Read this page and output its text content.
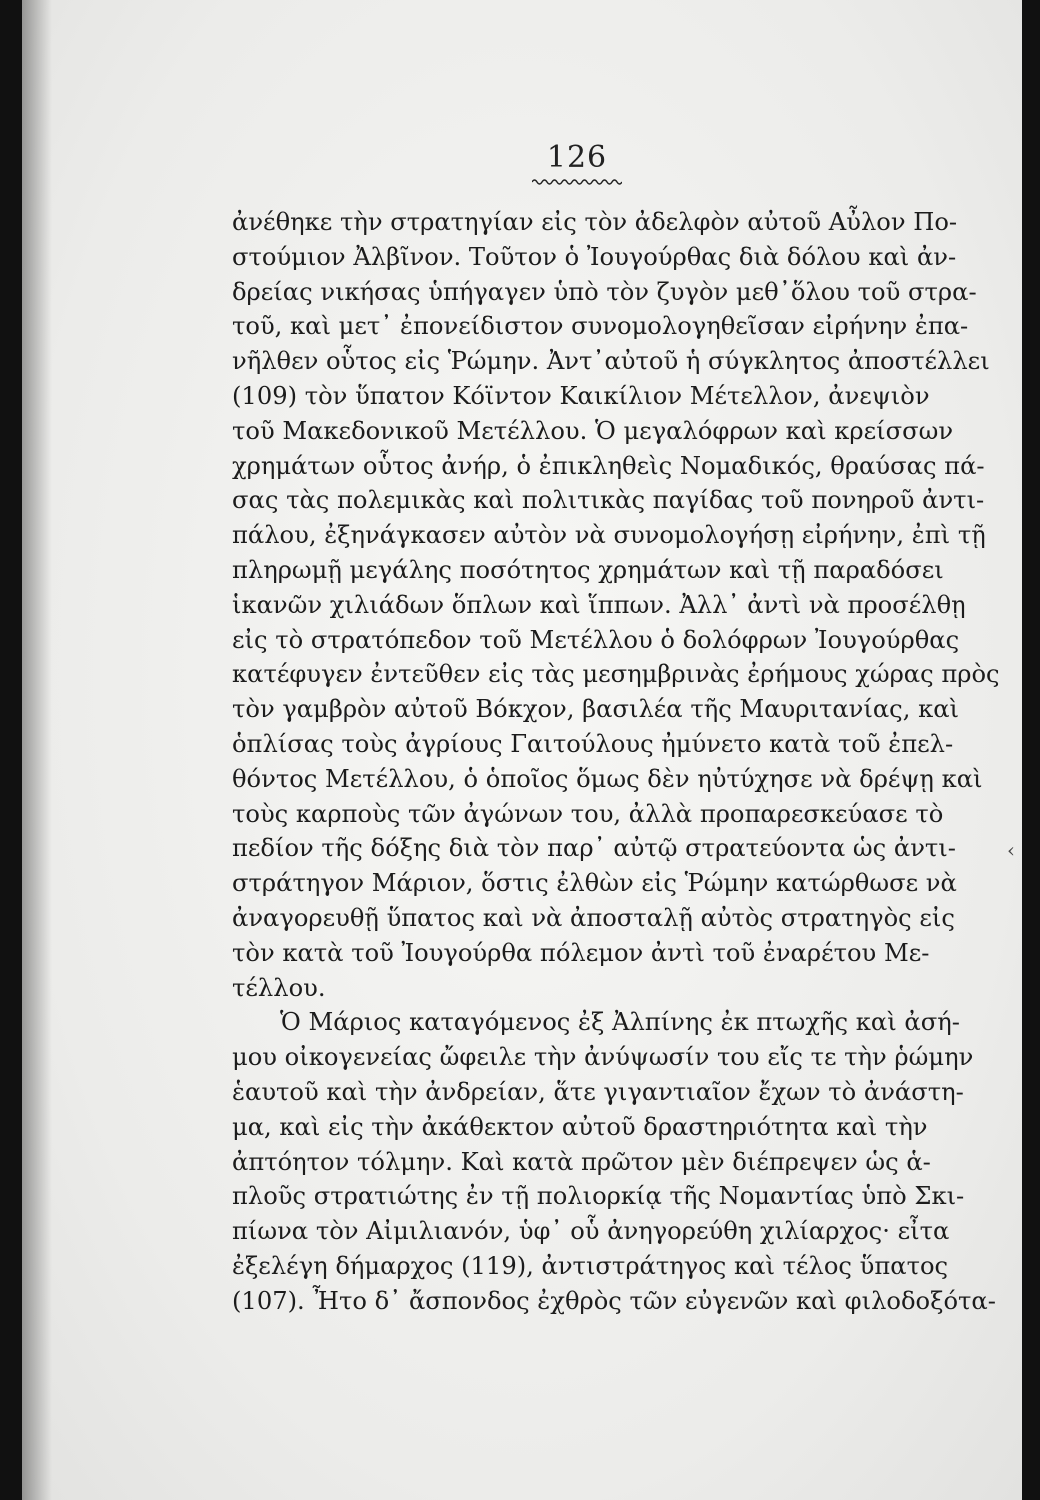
126
ἀνέθηκε τὴν στρατηγίαν εἰς τὸν ἀδελφὸν αὐτοῦ Αὖλον Πο-
στούμιον Ἀλβῖνον. Τοῦτον ὁ Ἰουγούρθας διὰ δόλου καὶ ἀν-
δρείας νικήσας ὑπήγαγεν ὑπὸ τὸν ζυγὸν μεθ᾽ὅλου τοῦ στρα-
τοῦ, καὶ μετ᾽ ἐπονείδιστον συνομολογηθεῖσαν εἰρήνην ἐπα-
νῆλθεν οὗτος εἰς Ῥώμην. Ἀντ᾽αὐτοῦ ἡ σύγκλητος ἀποστέλλει
(109) τὸν ὕπατον Κόϊντον Καικίλιον Μέτελλον, ἀνεψιὸν
τοῦ Μακεδονικοῦ Μετέλλου. Ὁ μεγαλόφρων καὶ κρείσσων
χρημάτων οὗτος ἀνήρ, ὁ ἐπικληθεὶς Νομαδικός, θραύσας πά-
σας τὰς πολεμικὰς καὶ πολιτικὰς παγίδας τοῦ πονηροῦ ἀντι-
πάλου, ἐξηνάγκασεν αὐτὸν νὰ συνομολογήσῃ εἰρήνην, ἐπὶ τῇ
πληρωμῇ μεγάλης ποσότητος χρημάτων καὶ τῇ παραδόσει
ἱκανῶν χιλιάδων ὅπλων καὶ ἵππων. Ἀλλ᾽ ἀντὶ νὰ προσέλθῃ
εἰς τὸ στρατόπεδον τοῦ Μετέλλου ὁ δολόφρων Ἰουγούρθας
κατέφυγεν ἐντεῦθεν εἰς τὰς μεσημβρινὰς ἐρήμους χώρας πρὸς
τὸν γαμβρὸν αὐτοῦ Βόκχον, βασιλέα τῆς Μαυριτανίας, καὶ
ὁπλίσας τοὺς ἀγρίους Γαιτούλους ἠμύνετο κατὰ τοῦ ἐπελ-
θόντος Μετέλλου, ὁ ὁποῖος ὅμως δὲν ηὐτύχησε νὰ δρέψῃ καὶ
τοὺς καρποὺς τῶν ἀγώνων του, ἀλλὰ προπαρεσκεύασε τὸ
πεδίον τῆς δόξης διὰ τὸν παρ᾽ αὐτῷ στρατεύοντα ὡς ἀντι-
στράτηγον Μάριον, ὅστις ἐλθὼν εἰς Ῥώμην κατώρθωσε νὰ
ἀναγορευθῇ ὕπατος καὶ νὰ ἀποσταλῇ αὐτὸς στρατηγὸς εἰς
τὸν κατὰ τοῦ Ἰουγούρθα πόλεμον ἀντὶ τοῦ ἐναρέτου Με-
τέλλου.
Ὁ Μάριος καταγόμενος ἐξ Ἀλπίνης ἐκ πτωχῆς καὶ ἀσή-
μου οἰκογενείας ὤφειλε τὴν ἀνύψωσίν του εἴς τε τὴν ῥώμην
ἑαυτοῦ καὶ τὴν ἀνδρείαν, ἅτε γιγαντιαῖον ἔχων τὸ ἀνάστη-
μα, καὶ εἰς τὴν ἀκάθεκτον αὐτοῦ δραστηριότητα καὶ τὴν
ἀπτόητον τόλμην. Καὶ κατὰ πρῶτον μὲν διέπρεψεν ὡς ἁ-
πλοῦς στρατιώτης ἐν τῇ πολιορκίᾳ τῆς Νομαντίας ὑπὸ Σκι-
πίωνα τὸν Αἰμιλιανόν, ὑφ᾽ οὗ ἀνηγορεύθη χιλίαρχος· εἶτα
ἐξελέγη δήμαρχος (119), ἀντιστράτηγος καὶ τέλος ὕπατος
(107). Ἦτο δ᾽ ἄσπονδος ἐχθρὸς τῶν εὐγενῶν καὶ φιλοδοξότα-
‹
